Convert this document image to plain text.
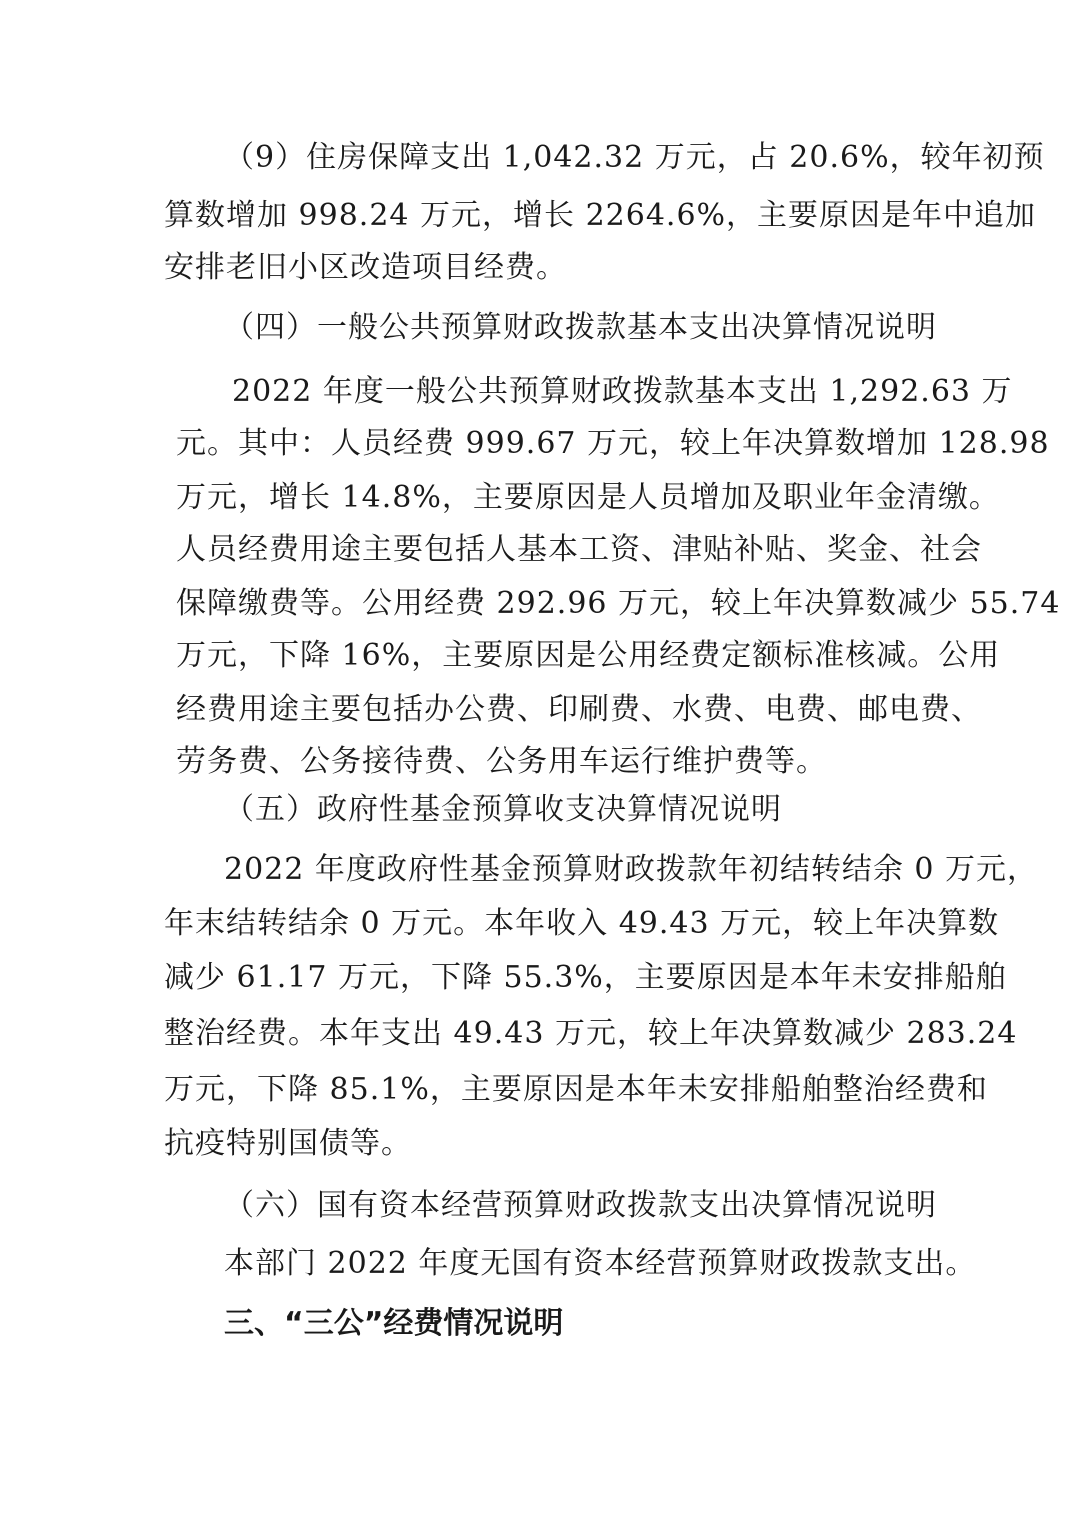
（9）住房保障支出 1,042.32 万元，占 20.6%，较年初预
算数增加 998.24 万元，增长 2264.6%，主要原因是年中追加
安排老旧小区改造项目经费。
（四）一般公共预算财政拨款基本支出决算情况说明
2022 年度一般公共预算财政拨款基本支出 1,292.63 万
元。其中：人员经费 999.67 万元，较上年决算数增加 128.98
万元，增长 14.8%，主要原因是人员增加及职业年金清缴。
人员经费用途主要包括人基本工资、津贴补贴、奖金、社会
保障缴费等。公用经费 292.96 万元，较上年决算数减少 55.74
万元，下降 16%，主要原因是公用经费定额标准核减。公用
经费用途主要包括办公费、印刷费、水费、电费、邮电费、
劳务费、公务接待费、公务用车运行维护费等。
（五）政府性基金预算收支决算情况说明
2022 年度政府性基金预算财政拨款年初结转结余 0 万元，
年末结转结余 0 万元。本年收入 49.43 万元，较上年决算数
减少 61.17 万元，下降 55.3%，主要原因是本年未安排船舶
整治经费。本年支出 49.43 万元，较上年决算数减少 283.24
万元，下降 85.1%，主要原因是本年未安排船舶整治经费和
抗疫特别国债等。
（六）国有资本经营预算财政拨款支出决算情况说明
本部门 2022 年度无国有资本经营预算财政拨款支出。
三、“三公”经费情况说明
